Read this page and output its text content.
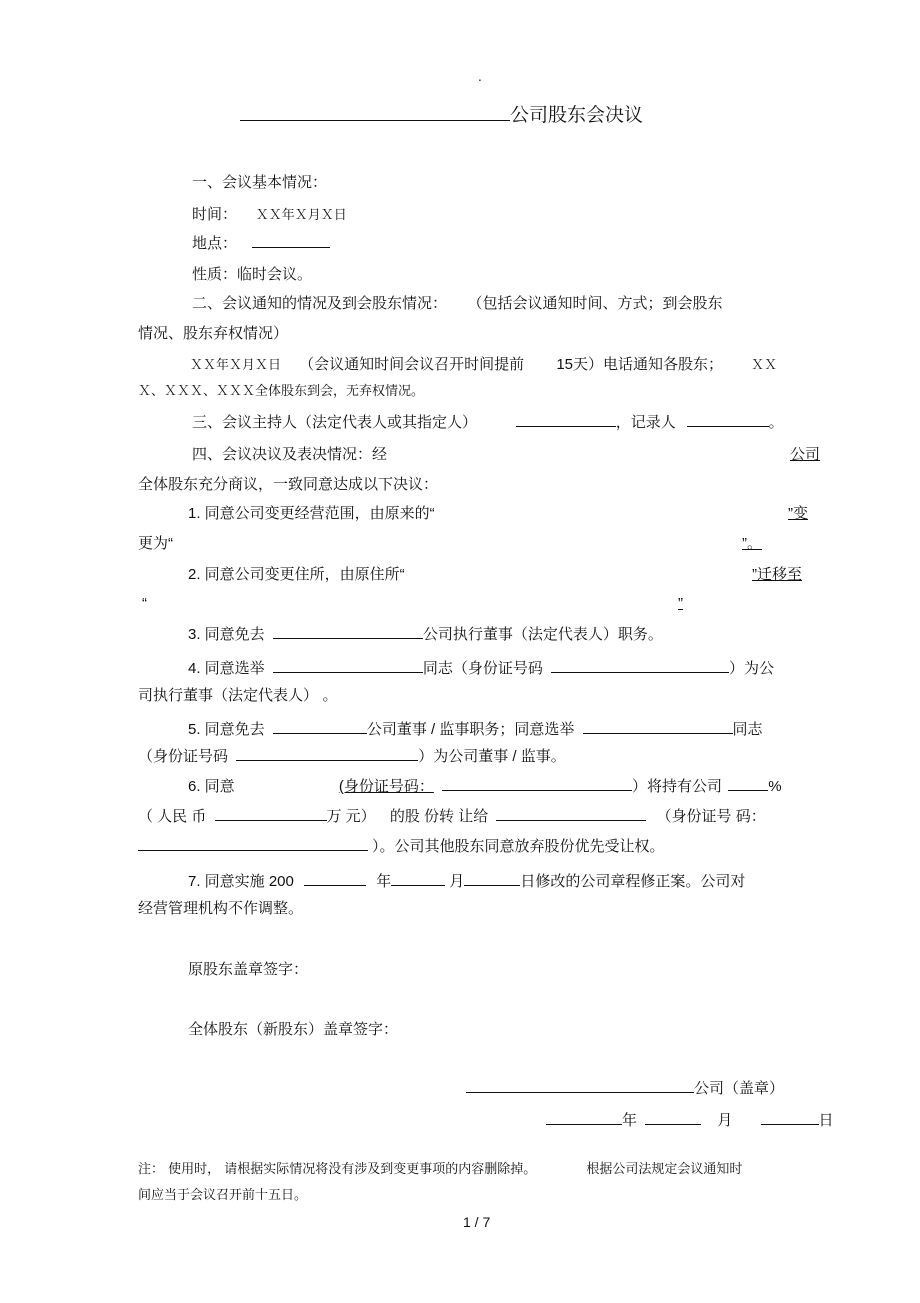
.
公司股东会决议
一、会议基本情况：
时间： ＸＸ年Ｘ月Ｘ日
地点：
性质：临时会议。
二、会议通知的情况及到会股东情况： （包括会议通知时间、方式；到会股东
情况、股东弃权情况）
ＸＸ年Ｘ月Ｘ日 （会议通知时间会议召开时间提前 15天）电话通知各股东； ＸＸ
Ｘ、ＸＸＸ、ＸＸＸ全体股东到会，无弃权情况。
三、会议主持人（法定代表人或其指定人）	，记录人	。
四、会议决议及表决情况：经	公司
全体股东充分商议，一致同意达成以下决议：
1. 同意公司变更经营范围，由原来的“	”变
更为“	”。
2. 同意公司变更住所，由原住所“	”迁移至
“	”
3. 同意免去	公司执行董事（法定代表人）职务。
4. 同意选举	同志（身份证号码	）为公
司执行董事（法定代表人） 。
5. 同意免去	公司董事 / 监事职务；同意选举	同志
（身份证号码	）为公司董事 / 监事。
6. 同意	(身份证号码：	）将持有公司	%
（ 人民 币	万 元） 的股 份转 让给	（身份证号 码：
）。公司其他股东同意放弃股份优先受让权。
7. 同意实施 200	年	月	日修改的公司章程修正案。公司对
经营管理机构不作调整。
原股东盖章签字：
全体股东（新股东）盖章签字：
公司（盖章）
年	月	日
注： 使用时， 请根据实际情况将没有涉及到变更事项的内容删除掉。	根据公司法规定会议通知时
间应当于会议召开前十五日。
1 / 7
